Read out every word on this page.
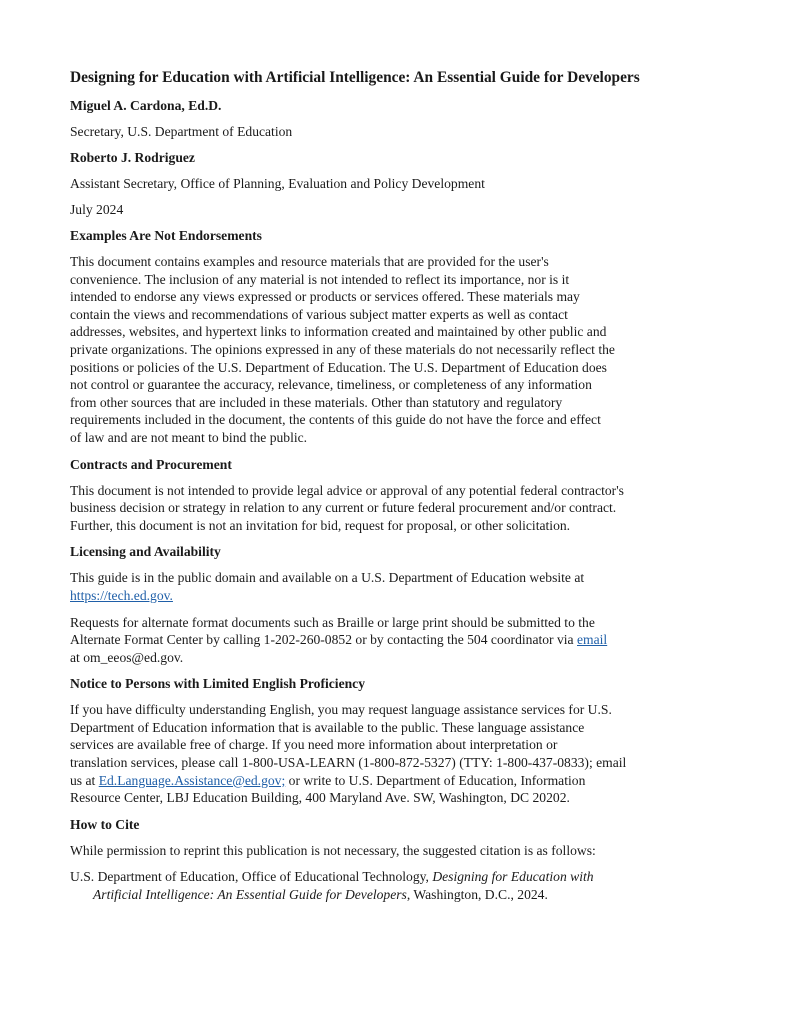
Designing for Education with Artificial Intelligence: An Essential Guide for Developers
Miguel A. Cardona, Ed.D.
Secretary, U.S. Department of Education
Roberto J. Rodriguez
Assistant Secretary, Office of Planning, Evaluation and Policy Development
July 2024
Examples Are Not Endorsements
This document contains examples and resource materials that are provided for the user's
convenience. The inclusion of any material is not intended to reflect its importance, nor is it
intended to endorse any views expressed or products or services offered. These materials may
contain the views and recommendations of various subject matter experts as well as contact
addresses, websites, and hypertext links to information created and maintained by other public and
private organizations. The opinions expressed in any of these materials do not necessarily reflect the
positions or policies of the U.S. Department of Education. The U.S. Department of Education does
not control or guarantee the accuracy, relevance, timeliness, or completeness of any information
from other sources that are included in these materials. Other than statutory and regulatory
requirements included in the document, the contents of this guide do not have the force and effect
of law and are not meant to bind the public.
Contracts and Procurement
This document is not intended to provide legal advice or approval of any potential federal contractor's
business decision or strategy in relation to any current or future federal procurement and/or contract.
Further, this document is not an invitation for bid, request for proposal, or other solicitation.
Licensing and Availability
This guide is in the public domain and available on a U.S. Department of Education website at
https://tech.ed.gov.
Requests for alternate format documents such as Braille or large print should be submitted to the
Alternate Format Center by calling 1-202-260-0852 or by contacting the 504 coordinator via email
at om_eeos@ed.gov.
Notice to Persons with Limited English Proficiency
If you have difficulty understanding English, you may request language assistance services for U.S.
Department of Education information that is available to the public. These language assistance
services are available free of charge. If you need more information about interpretation or
translation services, please call 1-800-USA-LEARN (1-800-872-5327) (TTY: 1-800-437-0833); email
us at Ed.Language.Assistance@ed.gov; or write to U.S. Department of Education, Information
Resource Center, LBJ Education Building, 400 Maryland Ave. SW, Washington, DC 20202.
How to Cite
While permission to reprint this publication is not necessary, the suggested citation is as follows:
U.S. Department of Education, Office of Educational Technology, Designing for Education with
Artificial Intelligence: An Essential Guide for Developers, Washington, D.C., 2024.
